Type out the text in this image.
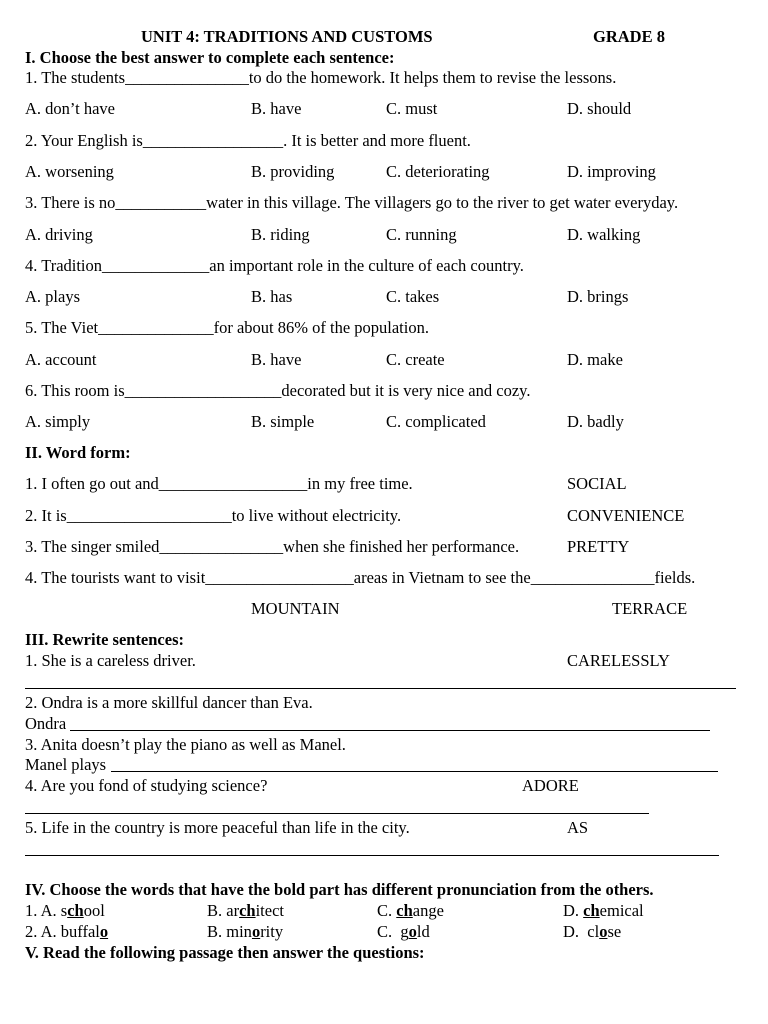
UNIT 4: TRADITIONS AND CUSTOMS	GRADE 8
I. Choose the best answer to complete each sentence:
1. The students_______________to do the homework. It helps them to revise the lessons.
A. don’t have	B. have	C. must	D. should
2. Your English is_________________. It is better and more fluent.
A. worsening	B. providing	C. deteriorating	D. improving
3. There is no___________water in this village. The villagers go to the river to get water everyday.
A. driving	B. riding	C. running	D. walking
4. Tradition_____________an important role in the culture of each country.
A. plays	B. has	C. takes	D. brings
5. The Viet______________for about 86% of the population.
A. account	B. have	C. create	D. make
6. This room is___________________decorated but it is very nice and cozy.
A. simply	B. simple	C. complicated	D. badly
II. Word form:
1. I often go out and__________________in my free time.	SOCIAL
2. It is____________________to live without electricity.	CONVENIENCE
3. The singer smiled_______________when she finished her performance.	PRETTY
4. The tourists want to visit__________________areas in Vietnam to see the_______________fields.
MOUNTAIN	TERRACE
III. Rewrite sentences:
1. She is a careless driver.	CARELESSLY
2. Ondra is a more skillful dancer than Eva.
Ondra
3. Anita doesn’t play the piano as well as Manel.
Manel plays
4. Are you fond of studying science?	ADORE
5. Life in the country is more peaceful than life in the city.	AS
IV. Choose the words that have the bold part has different pronunciation from the others.
1. A. school	B. architect	C. change	D. chemical
2. A. buffalo	B. minority	C.  gold	D.  close
V. Read the following passage then answer the questions:
